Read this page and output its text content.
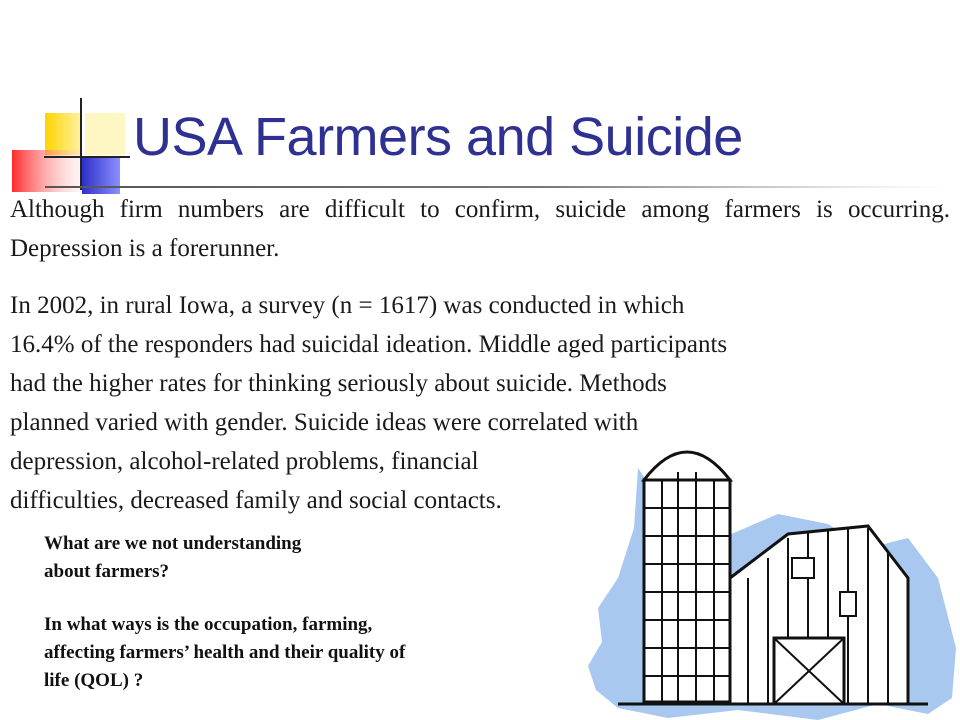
USA Farmers and Suicide
Although firm numbers are difficult to confirm, suicide among farmers is occurring. Depression is a forerunner.
In 2002, in rural Iowa, a survey (n = 1617) was conducted in which
16.4% of the responders had suicidal ideation. Middle aged participants
had the higher rates for thinking seriously about suicide. Methods
planned varied with gender. Suicide ideas were correlated with
depression, alcohol-related problems, financial
difficulties, decreased family and social contacts.
What are we not understanding
about farmers?
In what ways is the occupation, farming,
affecting farmers’ health and their quality of
life (QOL) ?
